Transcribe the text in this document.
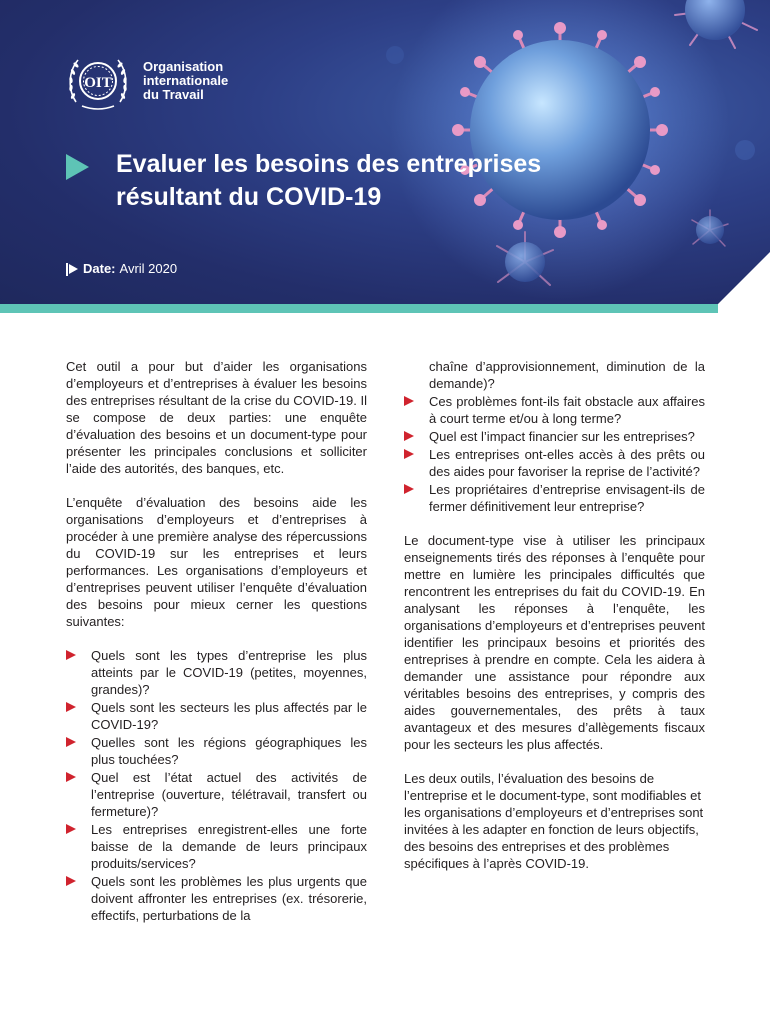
OIT
Organisation
internationale
du Travail
Evaluer les besoins des entreprises
résultant du COVID-19
Date: Avril 2020

Cet outil a pour but d’aider les organisations d’employeurs et d’entreprises à évaluer les besoins des entreprises résultant de la crise du COVID-19. Il se compose de deux parties: une enquête d’évaluation des besoins et un document-type pour présenter les principales conclusions et solliciter l’aide des autorités, des banques, etc.

L’enquête d’évaluation des besoins aide les organisations d’employeurs et d’entreprises à procéder à une première analyse des répercussions du COVID-19 sur les entreprises et leurs performances. Les organisations d’employeurs et d’entreprises peuvent utiliser l’enquête d’évaluation des besoins pour mieux cerner les questions suivantes:

Quels sont les types d’entreprise les plus atteints par le COVID-19 (petites, moyennes, grandes)?
Quels sont les secteurs les plus affectés par le COVID-19?
Quelles sont les régions géographiques les plus touchées?
Quel est l’état actuel des activités de l’entreprise (ouverture, télétravail, transfert ou fermeture)?
Les entreprises enregistrent-elles une forte baisse de la demande de leurs principaux produits/services?
Quels sont les problèmes les plus urgents que doivent affronter les entreprises (ex. trésorerie, effectifs, perturbations de la
chaîne d’approvisionnement, diminution de la demande)?
Ces problèmes font-ils fait obstacle aux affaires à court terme et/ou à long terme?
Quel est l’impact financier sur les entreprises?
Les entreprises ont-elles accès à des prêts ou des aides pour favoriser la reprise de l’activité?
Les propriétaires d’entreprise envisagent-ils de fermer définitivement leur entreprise?

Le document-type vise à utiliser les principaux enseignements tirés des réponses à l’enquête pour mettre en lumière les principales difficultés que rencontrent les entreprises du fait du COVID-19. En analysant les réponses à l’enquête, les organisations d’employeurs et d’entreprises peuvent identifier les principaux besoins et priorités des entreprises à prendre en compte. Cela les aidera à demander une assistance pour répondre aux véritables besoins des entreprises, y compris des aides gouvernementales, des prêts à taux avantageux et des mesures d’allègements fiscaux pour les secteurs les plus affectés.

Les deux outils, l’évaluation des besoins de l’entreprise et le document-type, sont modifiables et les organisations d’employeurs et d’entreprises sont invitées à les adapter en fonction de leurs objectifs, des besoins des entreprises et des problèmes spécifiques à l’après COVID-19.
